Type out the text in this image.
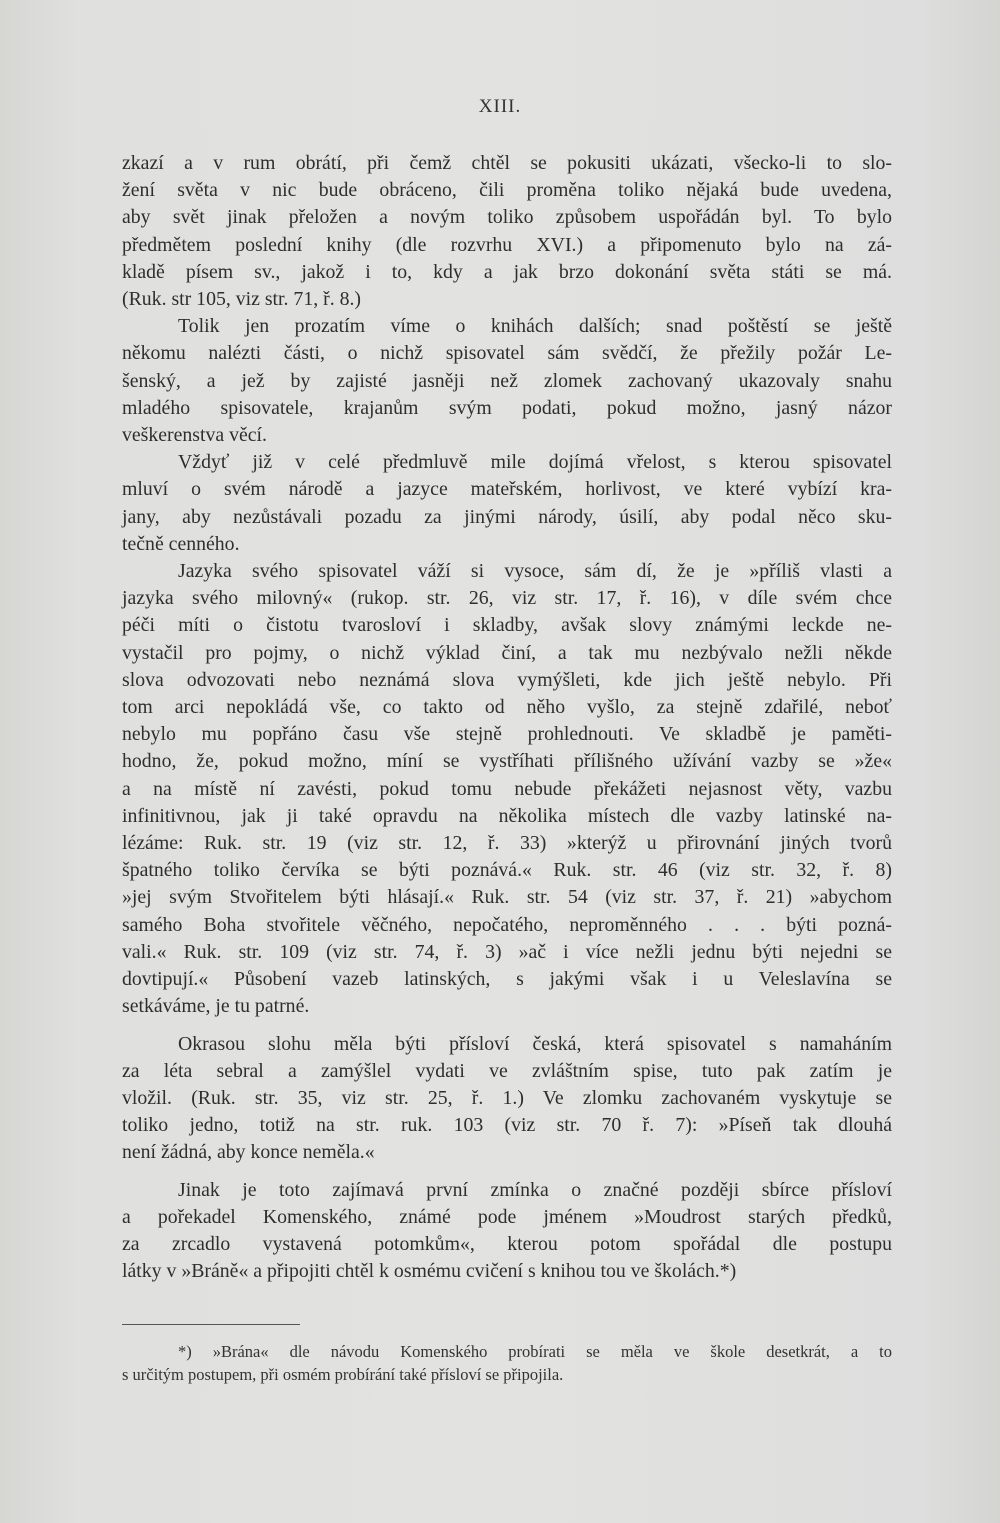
XIII.
zkazí a v rum obrátí, při čemž chtěl se pokusiti ukázati, všecko-li to slo-
žení světa v nic bude obráceno, čili proměna toliko nějaká bude uvedena,
aby svět jinak přeložen a novým toliko způsobem uspořádán byl. To bylo
předmětem poslední knihy (dle rozvrhu XVI.) a připomenuto bylo na zá-
kladě písem sv., jakož i to, kdy a jak brzo dokonání světa státi se má.
(Ruk. str 105, viz str. 71, ř. 8.)
Tolik jen prozatím víme o knihách dalších; snad poštěstí se ještě
někomu nalézti části, o nichž spisovatel sám svědčí, že přežily požár Le-
šenský, a jež by zajisté jasněji než zlomek zachovaný ukazovaly snahu
mladého spisovatele, krajanům svým podati, pokud možno, jasný názor
veškerenstva věcí.
Vždyť již v celé předmluvě mile dojímá vřelost, s kterou spisovatel
mluví o svém národě a jazyce mateřském, horlivost, ve které vybízí kra-
jany, aby nezůstávali pozadu za jinými národy, úsilí, aby podal něco sku-
tečně cenného.
Jazyka svého spisovatel váží si vysoce, sám dí, že je »příliš vlasti a
jazyka svého milovný« (rukop. str. 26, viz str. 17, ř. 16), v díle svém chce
péči míti o čistotu tvarosloví i skladby, avšak slovy známými leckde ne-
vystačil pro pojmy, o nichž výklad činí, a tak mu nezbývalo nežli někde
slova odvozovati nebo neznámá slova vymýšleti, kde jich ještě nebylo. Při
tom arci nepokládá vše, co takto od něho vyšlo, za stejně zdařilé, neboť
nebylo mu popřáno času vše stejně prohlednouti. Ve skladbě je paměti-
hodno, že, pokud možno, míní se vystříhati přílišného užívání vazby se »že«
a na místě ní zavésti, pokud tomu nebude překážeti nejasnost věty, vazbu
infinitivnou, jak ji také opravdu na několika místech dle vazby latinské na-
lézáme: Ruk. str. 19 (viz str. 12, ř. 33) »kterýž u přirovnání jiných tvorů
špatného toliko červíka se býti poznává.« Ruk. str. 46 (viz str. 32, ř. 8)
»jej svým Stvořitelem býti hlásají.« Ruk. str. 54 (viz str. 37, ř. 21) »abychom
samého Boha stvořitele věčného, nepočatého, neproměnného . . . býti pozná-
vali.« Ruk. str. 109 (viz str. 74, ř. 3) »ač i více nežli jednu býti nejedni se
dovtipují.« Působení vazeb latinských, s jakými však i u Veleslavína se
setkáváme, je tu patrné.
Okrasou slohu měla býti přísloví česká, která spisovatel s namaháním
za léta sebral a zamýšlel vydati ve zvláštním spise, tuto pak zatím je
vložil. (Ruk. str. 35, viz str. 25, ř. 1.) Ve zlomku zachovaném vyskytuje se
toliko jedno, totiž na str. ruk. 103 (viz str. 70 ř. 7): »Píseň tak dlouhá
není žádná, aby konce neměla.«
Jinak je toto zajímavá první zmínka o značné později sbírce přísloví
a pořekadel Komenského, známé pode jménem »Moudrost starých předků,
za zrcadlo vystavená potomkům«, kterou potom spořádal dle postupu
látky v »Bráně« a připojiti chtěl k osmému cvičení s knihou tou ve školách.*)
*) »Brána« dle návodu Komenského probírati se měla ve škole desetkrát, a to
s určitým postupem, při osmém probírání také přísloví se připojila.
